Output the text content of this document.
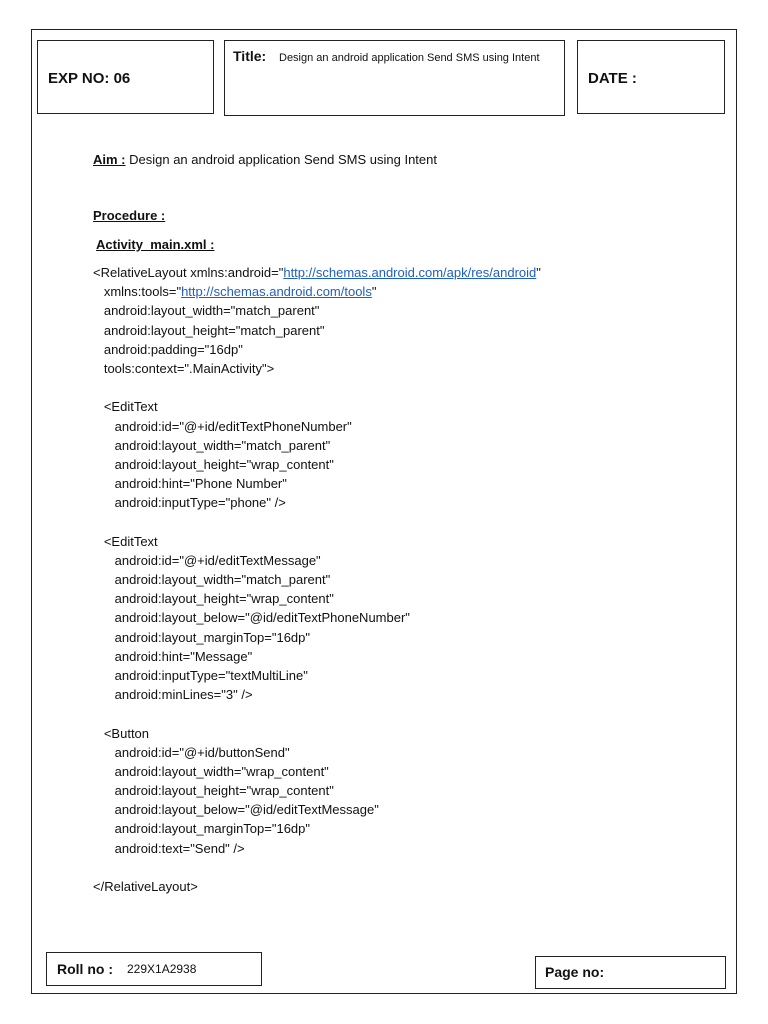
EXP NO: 06
Title:	Design an android application Send SMS using Intent
DATE :
Aim : Design an android application Send SMS using Intent
Procedure :
Activity_main.xml :
<RelativeLayout xmlns:android="http://schemas.android.com/apk/res/android"
xmlns:tools="http://schemas.android.com/tools"
android:layout_width="match_parent"
android:layout_height="match_parent"
android:padding="16dp"
tools:context=".MainActivity">
<EditText
android:id="@+id/editTextPhoneNumber"
android:layout_width="match_parent"
android:layout_height="wrap_content"
android:hint="Phone Number"
android:inputType="phone" />
<EditText
android:id="@+id/editTextMessage"
android:layout_width="match_parent"
android:layout_height="wrap_content"
android:layout_below="@id/editTextPhoneNumber"
android:layout_marginTop="16dp"
android:hint="Message"
android:inputType="textMultiLine"
android:minLines="3" />
<Button
android:id="@+id/buttonSend"
android:layout_width="wrap_content"
android:layout_height="wrap_content"
android:layout_below="@id/editTextMessage"
android:layout_marginTop="16dp"
android:text="Send" />
</RelativeLayout>
Roll no : 229X1A2938	Page no:
